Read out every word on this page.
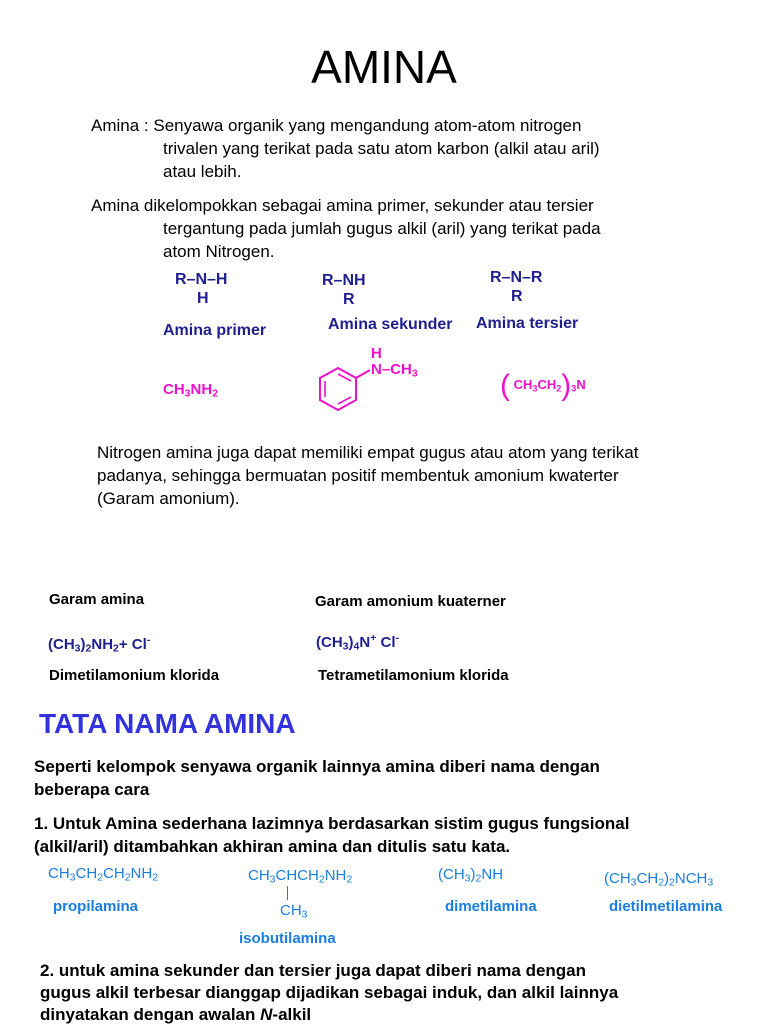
AMINA
Amina : Senyawa organik yang mengandung atom-atom nitrogen
trivalen yang terikat pada satu atom karbon (alkil atau aril)
atau lebih.
Amina dikelompokkan sebagai amina primer, sekunder atau tersier
tergantung pada jumlah gugus alkil (aril) yang terikat pada
atom Nitrogen.
R–N–H
H
R–NH
R
R–N–R
R
Amina primer	Amina sekunder Amina tersier
$CH_3NH_2$
H
$N-CH_3$	( $CH_3CH_2)_3N$
Nitrogen amina juga dapat memiliki empat gugus atau atom yang terikat
padanya, sehingga bermuatan positif membentuk amonium kwaterter
(Garam amonium).
Garam amina	Garam amonium kuaterner
$(CH_3)_2NH_2+ Cl^-$	$(CH_3)_4N^+$ Cl-
Dimetilamonium klorida	Tetrametilamonium klorida
TATA NAMA AMINA
Seperti kelompok senyawa organik lainnya amina diberi nama dengan
beberapa cara
1. Untuk Amina sederhana lazimnya berdasarkan sistim gugus fungsional
(alkil/aril) ditambahkan akhiran amina dan ditulis satu kata.
$CH_3CH_2CH_2NH_2$
propilamina
$CH_3CHCH_2NH_2$
$CH_3$
isobutilamina
$(CH_3)_2NH$
dimetilamina
$(CH_3CH_2)_2NCH_3$
dietilmetilamina
2. untuk amina sekunder dan tersier juga dapat diberi nama dengan
gugus alkil terbesar dianggap dijadikan sebagai induk, dan alkil lainnya
dinyatakan dengan awalan N-alkil
